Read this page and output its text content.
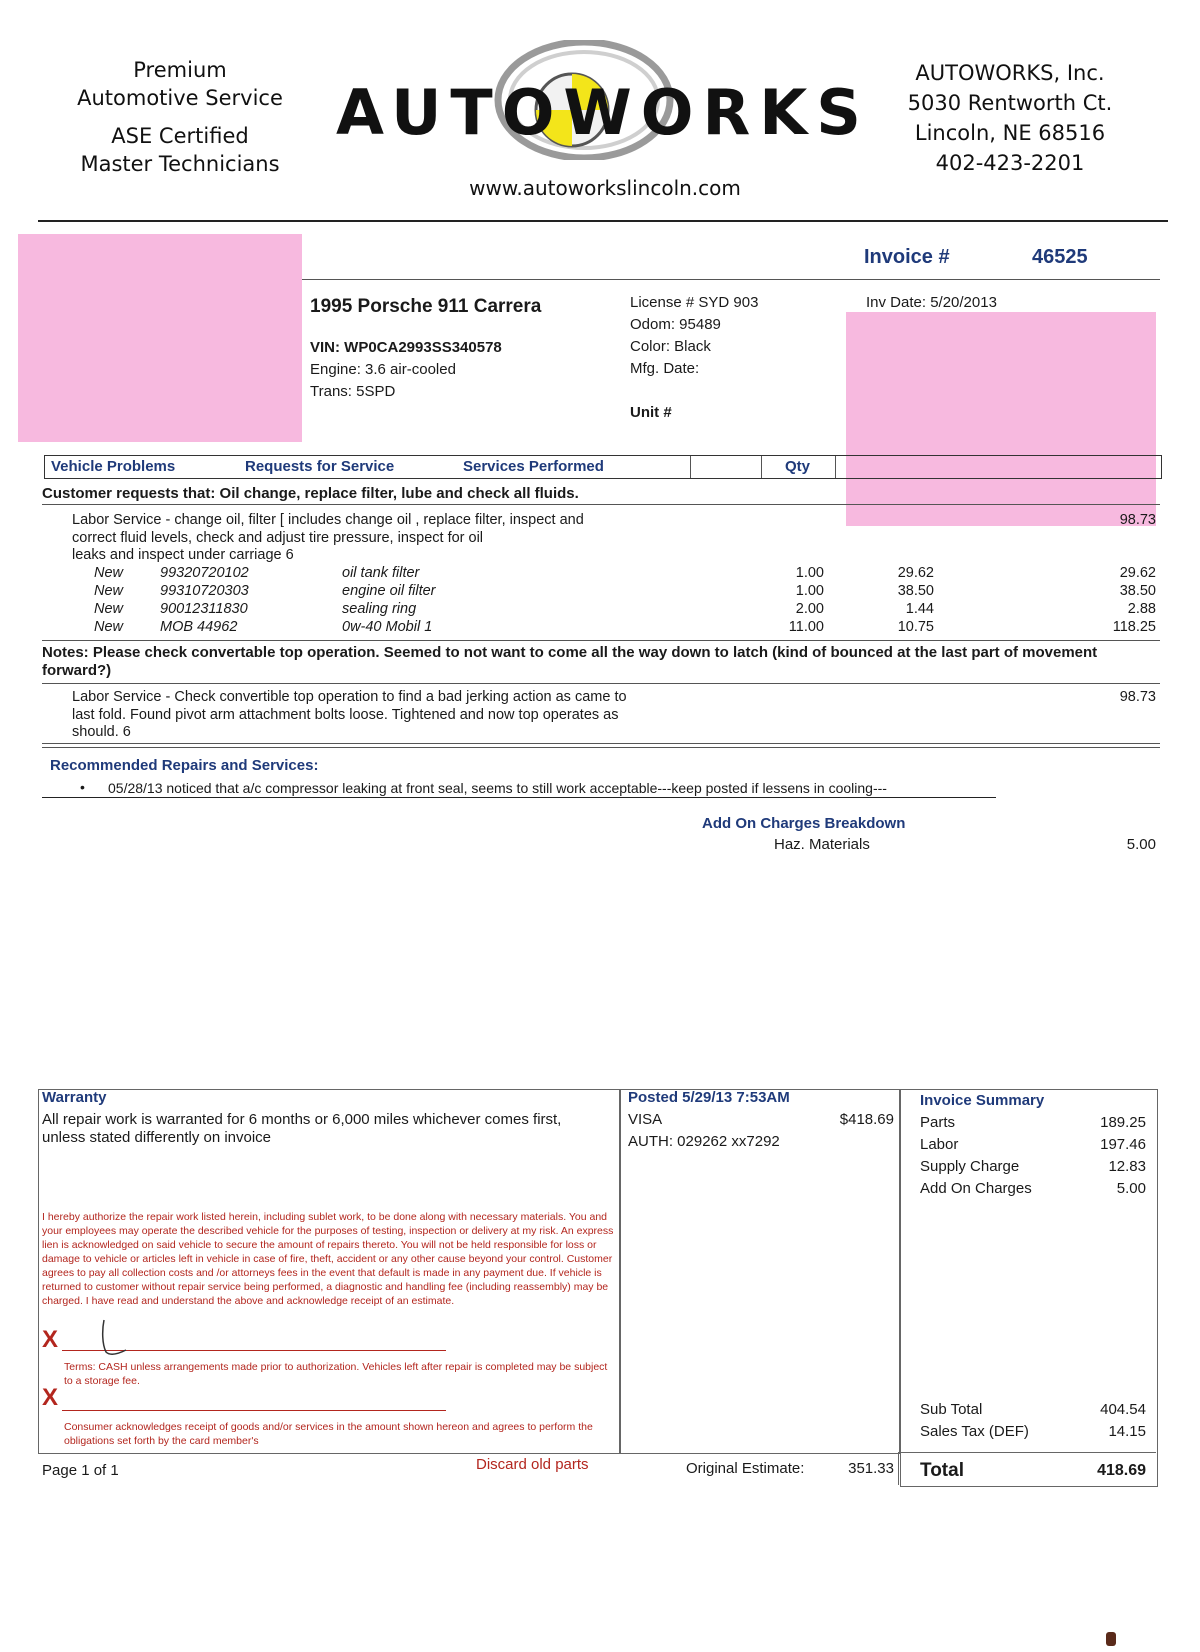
Premium
Automotive Service
ASE Certified
Master Technicians
AUTOWORKS
www.autoworkslincoln.com
AUTOWORKS, Inc.
5030 Rentworth Ct.
Lincoln, NE 68516
402-423-2201
Invoice #	46525
1995 Porsche 911 Carrera
VIN: WP0CA2993SS340578
Engine: 3.6 air-cooled
Trans: 5SPD
License # SYD 903
Odom: 95489
Color: Black
Mfg. Date:
Unit #
Inv Date: 5/20/2013
Vehicle Problems	Requests for Service	Services Performed	Qty
Customer requests that: Oil change, replace filter, lube and check all fluids.
Labor Service - change oil, filter [ includes change oil , replace filter, inspect and
correct fluid levels, check and adjust tire pressure, inspect for oil
leaks and inspect under carriage 6
98.73
New	99320720102	oil tank filter	1.00	29.62	29.62
New	99310720303	engine oil filter	1.00	38.50	38.50
New	90012311830	sealing ring	2.00	1.44	2.88
New	MOB 44962	0w-40 Mobil 1	11.00	10.75	118.25
Notes: Please check convertable top operation. Seemed to not want to come all the way down to latch (kind of bounced at the last part of movement
forward?)
Labor Service - Check convertible top operation to find a bad jerking action as came to
last fold. Found pivot arm attachment bolts loose. Tightened and now top operates as
should. 6
98.73
Recommended Repairs and Services:
• 05/28/13 noticed that a/c compressor leaking at front seal, seems to still work acceptable---keep posted if lessens in cooling---
Add On Charges Breakdown
Haz. Materials	5.00
Warranty
All repair work is warranted for 6 months or 6,000 miles whichever comes first,
unless stated differently on invoice
I hereby authorize the repair work listed herein, including sublet work, to be done along with necessary materials. You and your employees may operate the described vehicle for the purposes of testing, inspection or delivery at my risk. An express lien is acknowledged on said vehicle to secure the amount of repairs thereto. You will not be held responsible for loss or damage to vehicle or articles left in vehicle in case of fire, theft, accident or any other cause beyond your control. Customer agrees to pay all collection costs and /or attorneys fees in the event that default is made in any payment due. If vehicle is returned to customer without repair service being performed, a diagnostic and handling fee (including reassembly) may be charged. I have read and understand the above and acknowledge receipt of an estimate.
X
Terms: CASH unless arrangements made prior to authorization. Vehicles left after repair is completed may be subject to a storage fee.
X
Consumer acknowledges receipt of goods and/or services in the amount shown hereon and agrees to perform the obligations set forth by the card member's
Posted 5/29/13 7:53AM
VISA	$418.69
AUTH: 029262 xx7292
Invoice Summary
Parts	189.25
Labor	197.46
Supply Charge	12.83
Add On Charges	5.00
Sub Total	404.54
Sales Tax (DEF)	14.15
Total	418.69
Page 1 of 1	Discard old parts	Original Estimate:	351.33
